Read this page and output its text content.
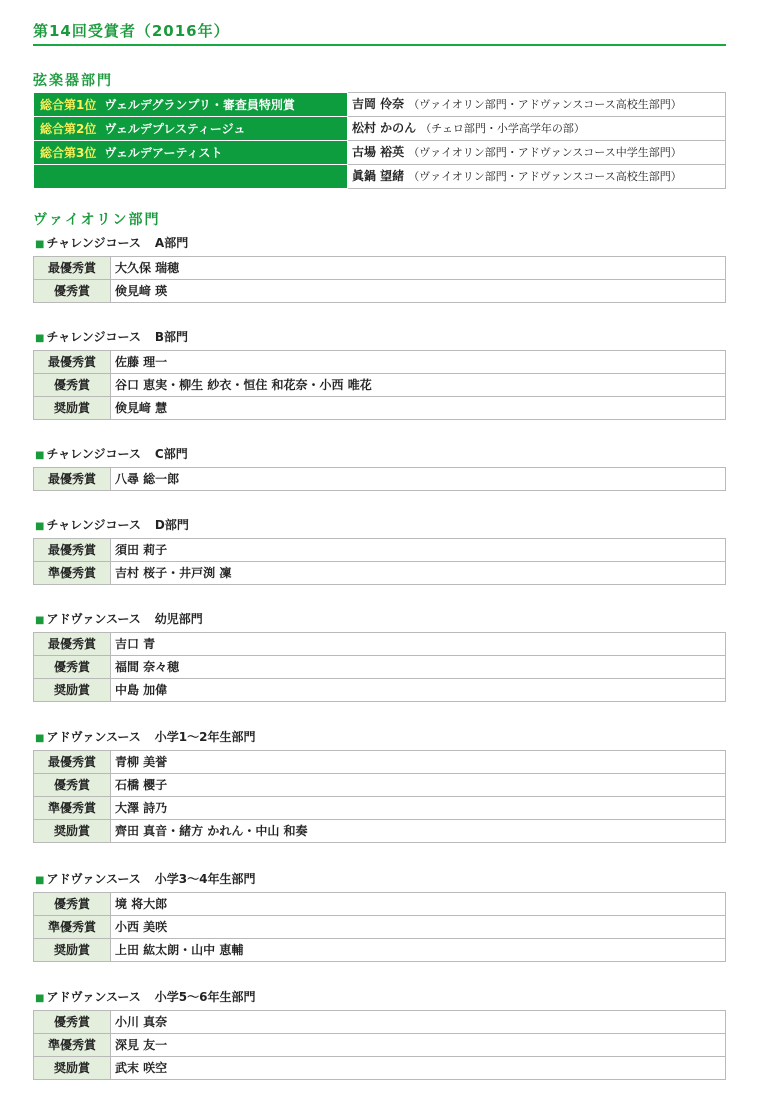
第14回受賞者（2016年）
弦楽器部門
総合第1位 ヴェルデグランプリ・審査員特別賞	吉岡 伶奈 （ヴァイオリン部門・アドヴァンスコース高校生部門）
総合第2位 ヴェルデプレスティージュ	松村 かのん （チェロ部門・小学高学年の部）
総合第3位 ヴェルデアーティスト	古場 裕英 （ヴァイオリン部門・アドヴァンスコース中学生部門）
	眞鍋 望緒 （ヴァイオリン部門・アドヴァンスコース高校生部門）
ヴァイオリン部門
■ チャレンジコース A部門
最優秀賞	大久保 瑞穂
優秀賞	倹見﨑 瑛
■ チャレンジコース B部門
最優秀賞	佐藤 理一
優秀賞	谷口 恵実・柳生 紗衣・恒住 和花奈・小西 唯花
奨励賞	倹見﨑 慧
■ チャレンジコース C部門
最優秀賞	八尋 総一郎
■ チャレンジコース D部門
最優秀賞	須田 莉子
準優秀賞	吉村 桜子・井戸渕 凜
■ アドヴァンスース 幼児部門
最優秀賞	吉口 青
優秀賞	福間 奈々穂
奨励賞	中島 加偉
■ アドヴァンスース 小学1～2年生部門
最優秀賞	青柳 美誉
優秀賞	石橋 櫻子
準優秀賞	大澤 詩乃
奨励賞	齊田 真音・緒方 かれん・中山 和奏
■ アドヴァンスース 小学3～4年生部門
優秀賞	境 将大郎
準優秀賞	小西 美咲
奨励賞	上田 紘太朗・山中 恵輔
■ アドヴァンスース 小学5～6年生部門
優秀賞	小川 真奈
準優秀賞	深見 友一
奨励賞	武末 咲空
